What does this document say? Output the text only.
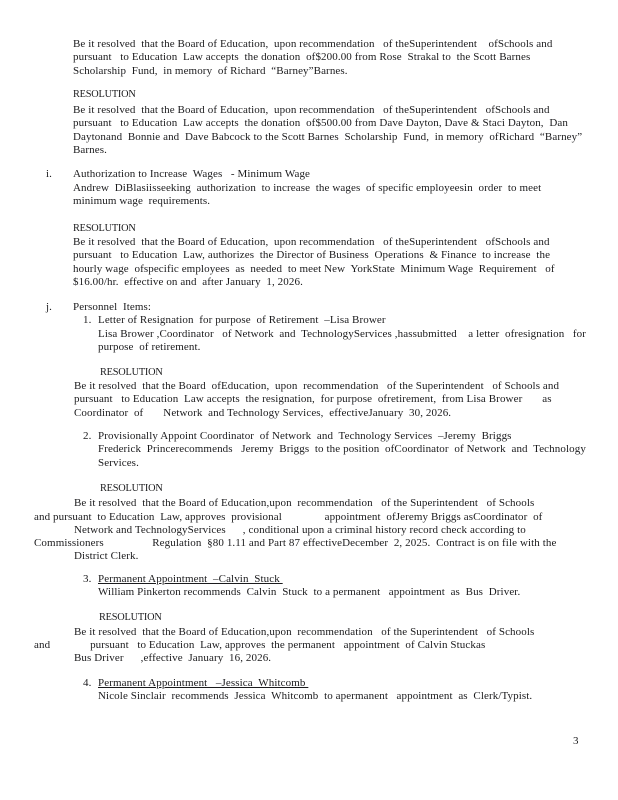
3
Be it resolved  that the Board of Education,  upon recommendation   of theSuperintendent    ofSchools and
pursuant   to Education  Law accepts  the donation  of$200.00 from Rose  Strakal to  the Scott Barnes
Scholarship  Fund,  in memory  of Richard  “Barney”Barnes.
RESOLUTION
Be it resolved  that the Board of Education,  upon recommendation   of theSuperintendent   ofSchools and
pursuant   to Education  Law accepts  the donation  of$500.00 from Dave Dayton, Dave & Staci Dayton,  Dan
Daytonand  Bonnie and  Dave Babcock to the Scott Barnes  Scholarship  Fund,  in memory  ofRichard  “Barney”
Barnes.
i. Authorization to Increase  Wages   - Minimum Wage
Andrew  DiBlasiisseeking  authorization  to increase  the wages  of specific employeesin  order  to meet
minimum wage  requirements.
RESOLUTION
Be it resolved  that the Board of Education,  upon recommendation   of theSuperintendent   ofSchools and
pursuant   to Education  Law, authorizes  the Director of Business  Operations  & Finance  to increase  the
hourly wage  ofspecific employees  as  needed  to meet New  YorkState  Minimum Wage  Requirement   of
$16.00/hr.  effective on and  after January  1, 2026.
j. Personnel  Items:
1. Letter of Resignation  for purpose  of Retirement  –Lisa Brower
Lisa Brower ,Coordinator   of Network  and  TechnologyServices ,hassubmitted    a letter  ofresignation   for
purpose  of retirement.
RESOLUTION
Be it resolved  that the Board  ofEducation,  upon  recommendation   of the Superintendent   of Schools and
pursuant   to Education  Law accepts  the resignation,  for purpose  ofretirement,  from Lisa Brower       as
Coordinator  of       Network  and Technology Services,  effectiveJanuary  30, 2026.
2. Provisionally Appoint Coordinator  of Network  and  Technology Services  –Jeremy  Briggs
Frederick  Princerecommends   Jeremy  Briggs  to the position  ofCoordinator  of Network  and  Technology
Services.
RESOLUTION
Be it resolved  that the Board of Education,upon  recommendation   of the Superintendent   of Schools
and pursuant  to Education  Law, approves  provisional               appointment  ofJeremy Briggs asCoordinator  of
Network and TechnologyServices      , conditional upon a criminal history record check according to
Commissioners                 Regulation  §80 1.11 and Part 87 effectiveDecember  2, 2025.  Contract is on file with the
District Clerk.
3. Permanent Appointment  –Calvin  Stuck
William Pinkerton recommends  Calvin  Stuck  to a permanent   appointment  as  Bus  Driver.
RESOLUTION
Be it resolved  that the Board of Education,upon  recommendation   of the Superintendent   of Schools
and              pursuant   to Education  Law, approves  the permanent   appointment  of Calvin Stuckas
Bus Driver      ,effective  January  16, 2026.
4. Permanent Appointment   –Jessica  Whitcomb
Nicole Sinclair  recommends  Jessica  Whitcomb  to apermanent   appointment  as  Clerk/Typist.
